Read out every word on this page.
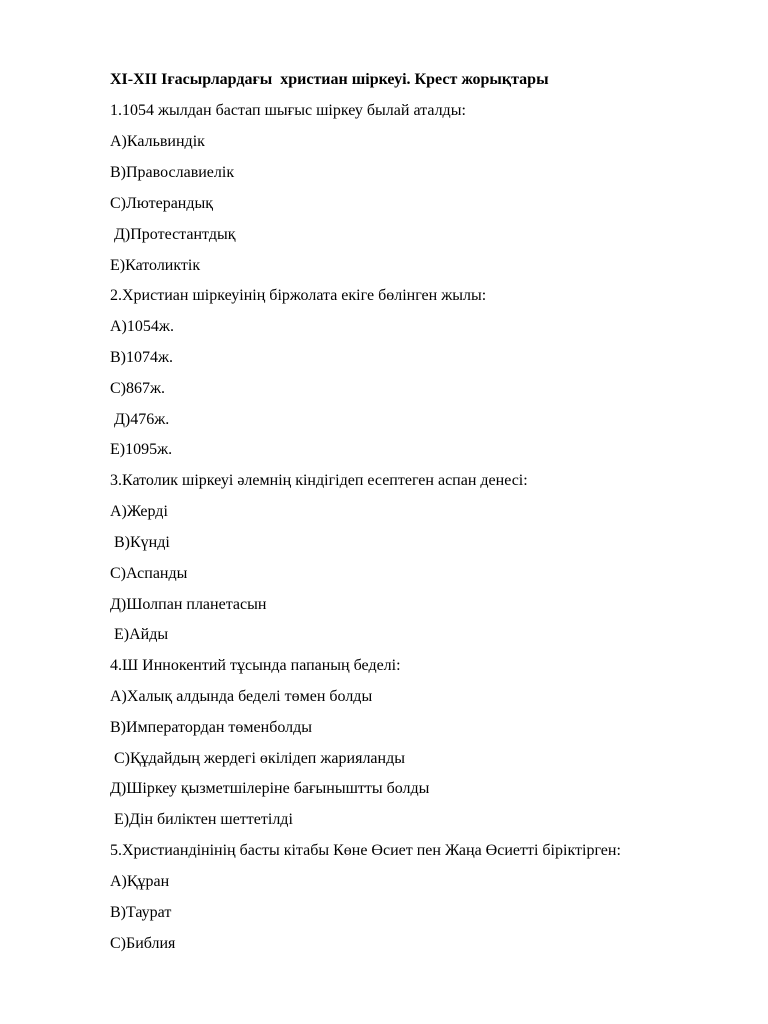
XI-XII Iғасырлардағы  христиан шіркеуі. Крест жорықтары

1.1054 жылдан бастап шығыс шіркеу былай аталды:

А)Кальвиндік

В)Православиелік

С)Лютерандық

Д)Протестантдық

Е)Католиктік

2.Христиан шіркеуінің біржолата екіге бөлінген жылы:

А)1054ж.

В)1074ж.

С)867ж.

Д)476ж.

Е)1095ж.

3.Католик шіркеуі әлемнің кіндігідеп есептеген аспан денесі:

А)Жерді

В)Күнді

С)Аспанды

Д)Шолпан планетасын

Е)Айды

4.Ш Иннокентий тұсында папаның беделі:

А)Халық алдында беделі төмен болды

В)Императордан төменболды

С)Құдайдың жердегі өкілідеп жарияланды

Д)Шіркеу қызметшілеріне бағыныштты болды

Е)Дін биліктен шеттетілді

5.Христиандінінің басты кітабы Көне Өсиет пен Жаңа Өсиетті біріктірген:

А)Құран

В)Таурат

С)Библия
